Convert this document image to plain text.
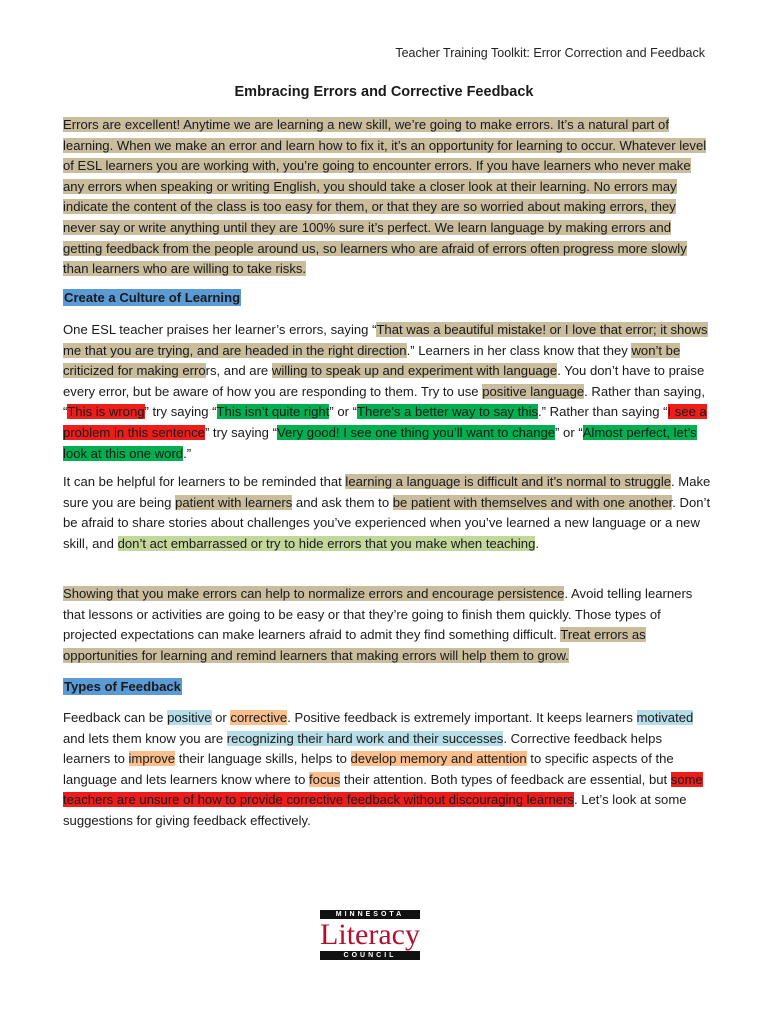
Teacher Training Toolkit: Error Correction and Feedback
Embracing Errors and Corrective Feedback
Errors are excellent! Anytime we are learning a new skill, we’re going to make errors. It’s a natural part of learning. When we make an error and learn how to fix it, it’s an opportunity for learning to occur. Whatever level of ESL learners you are working with, you’re going to encounter errors. If you have learners who never make any errors when speaking or writing English, you should take a closer look at their learning. No errors may indicate the content of the class is too easy for them, or that they are so worried about making errors, they never say or write anything until they are 100% sure it’s perfect. We learn language by making errors and getting feedback from the people around us, so learners who are afraid of errors often progress more slowly than learners who are willing to take risks.
Create a Culture of Learning
One ESL teacher praises her learner’s errors, saying “That was a beautiful mistake! or I love that error; it shows me that you are trying, and are headed in the right direction.” Learners in her class know that they won’t be criticized for making errors, and are willing to speak up and experiment with language. You don’t have to praise every error, but be aware of how you are responding to them. Try to use positive language. Rather than saying, “This is wrong” try saying “This isn’t quite right” or “There’s a better way to say this.” Rather than saying “I see a problem in this sentence” try saying “Very good! I see one thing you’ll want to change” or “Almost perfect, let’s look at this one word.”
It can be helpful for learners to be reminded that learning a language is difficult and it’s normal to struggle. Make sure you are being patient with learners and ask them to be patient with themselves and with one another. Don’t be afraid to share stories about challenges you’ve experienced when you’ve learned a new language or a new skill, and don’t act embarrassed or try to hide errors that you make when teaching.
Showing that you make errors can help to normalize errors and encourage persistence. Avoid telling learners that lessons or activities are going to be easy or that they’re going to finish them quickly. Those types of projected expectations can make learners afraid to admit they find something difficult. Treat errors as opportunities for learning and remind learners that making errors will help them to grow.
Types of Feedback
Feedback can be positive or corrective. Positive feedback is extremely important. It keeps learners motivated and lets them know you are recognizing their hard work and their successes. Corrective feedback helps learners to improve their language skills, helps to develop memory and attention to specific aspects of the language and lets learners know where to focus their attention. Both types of feedback are essential, but some teachers are unsure of how to provide corrective feedback without discouraging learners. Let’s look at some suggestions for giving feedback effectively.
MINNESOTA
Literacy
COUNCIL
